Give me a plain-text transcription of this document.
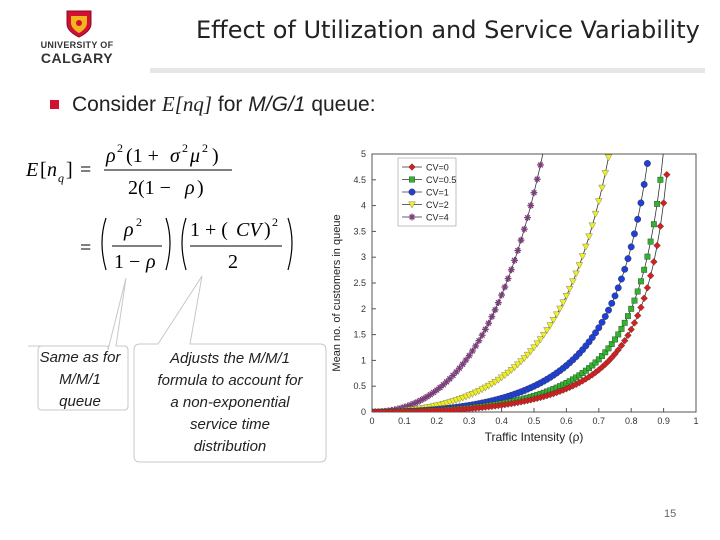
UNIVERSITY OF
CALGARY
Effect of Utilization and Service Variability
Consider E[nq] for M/G/1 queue:
E [ n q ] =
ρ 2 (1 + σ 2 μ 2 )
2(1 − ρ )
=
ρ 2
1 − ρ
1 + ( CV ) 2
2
Same as for
M/M/1
queue
Adjusts the M/M/1
formula to account for
a non-exponential
service time
distribution
0	0.1 0.2 0.3 0.4 0.5 0.6 0.7 0.8 0.9	1
0
0.5
1
1.5
2
2.5
3
3.5
4
4.5
5
Traffic Intensity (ρ)
Mean no. of customers in queue
CV=0
CV=0.5
CV=1
CV=2
CV=4
15
